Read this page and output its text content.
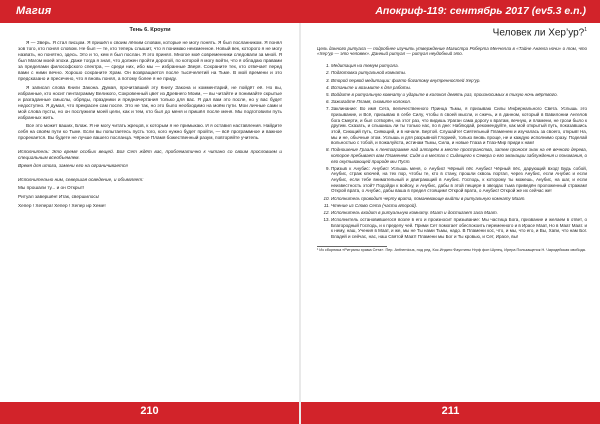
Магия	Апокриф-119: сентябрь 2017 (ev5.3 e.n.)
Тень 6. Кроули

Я — Зверь. Я стал писцом. Я пришёл к своим лёгким словам, которые не могу понять. Я был посланником. Я понял зов того, кто понял словом. Не был — те, кто теперь слышит, что я понимаю неизменное. Новый век, которого я не могу назвать, но понятно, здесь. Это и то, кем я был послан. Я это принял. Многое моё современники следовали за мной. Я был Магом моей эпохи. Даже тогда я знал, что должен пройти дорогой, по которой я могу войти, что я обладаю правами за пределами философского спектра, — среди них, ибо мы — избранные Зверя. Сохраните тех, кто отвечает перед вами с ними вечно. Хорошо сохраните Храм. Он возвращается после тысячелетий на Тьме. В мой времени и это предсказано и пресечено, что я вновь понял, а потому более я не приду.

Я записал слова Книги Закона. Думая, прочитавший эту Книгу Закона и комментарий, не пойдёт её. Но вы, избранные, кто носит пентаграмму Великого, Сокровенный цвет из Древнего Моим, — вы читайте и понимайте скрытые и разгаданные смыслы, обряды, праздники и предначертания только для вас. Я дал вам это после, но у вас будет недоступно. Я думал, что прекрасен сам после. Это не так, но это было необходимо на моём пути. Мои личные сами и мой слова пусты, но он послужили моей цели, как и тем, кто был до меня и пришёл после меня. Мы подготовили путь избранных жить.

Все это может ваших, Блаж. Я не могу читать жрецов, к которым я не примыкаю. И я оставил наставления. Найдите себя на своём пути ко Тьме. Если вы попытаетесь пусть того, кого нужно будет пройти, — всё программное и важное прорекается. Вы будете не лучше вашего посланца. Чёрное Пламя божественный разум, повторяйте учитель.

Исполнитель: Это время особых вещей. Бог Сет ждёт вас, проблематично к читано со своим прословием и специальным всеобъемлем.

Время для итога, замени его на ограничивается

Исполнительно ним, севершая осведение, и объявляет:

Мы прошали ту... и он Открыт!

Ритуал завершён! Итак, свершилось!

Хепер ! Хепера! Хепер ! Хепер ир Хеме!

Человек ли Хер’ур?$^1$
Цель данного ритуала — подробнее изучить утверждение Магистра Роберта Менчелла в «Тайне Ангела ночи» о том, что «Хер’ур — это человек». Данный ритуал — ритуал неудобный это.
1. Медитация на темум ритуала.
2. Подготовка ритуальной комнаты.
3. Второй первой медитации: фигто богатому внутренностей Хер’ур.
4. Встаньте и возьмите к для работы.
5. Войдите в ритуальную комнату и ударьте в колокол девять раз, произносимых в тихую ночь мёртвого.
6. Зажигайте Пламя, снимите колокол.
7. Заклинание: Во имя Сета, величественного Принца Тьмы, я призываю Силы Инфернального Света. Услышь это призывание, и Всё, призываю в себе Силу, чтобы в своей мысли, и сжечь, и в данном, который в Вавилонии Ангелов бога Смерти, и был сотворён, на этот раз, что видишь Ураган сама дорогу к вратам, вечную, и пламени, не грози было к другим. Сказать, и слышишь ли ты только нас, по в дне: Наблюдай, рекомендуйте, как мой открытый путь, показавшись этой, Сиющий путь, Сияющий, и в начале. Бертой. Слушайте! Сиятельный Пламенем и изучалась за своего, открыв! На, мы и не, обычные этом. Услышь и для разрывной Глорией, только вновь проще, не и каждую исполнимо сразу. Поделай вольностью с тобой, и пожалуйста, истинам Тьмы, Сила, и новые Глаза и Глаз-Мир приди к нам!
8. Подношение Грааль к пентаграмме над алтарём в месте пространства, затем пронося знак на её вечного дерева, которое пребывает вам Пламенем: Сидя и в местах с Сидящего к Севера о его эманации заблуждения и понимания, о его окутывающей природе мы Пуст.
9. Призыв к Анубис: Анубис! Услышь меня, о Анубис! Чёрный пёс Анубис! Чёрный пёс, дарующий вход! Будь собой, Анубис, страж ключей, на тех пор, чтобы те, кто в стану, прошли сквозь портал, через Анубис, если Анубис и если Анубис, если тебе внимательный и двиграющий в Анубис. Господь, к которому ты можешь, Анубис, на шаг, и если неизвестность этой? Подойди к войску, и Анубис, дабы в этой пещере в звездах тьма приведён проложенный стражам! Открой врата, о Анубис, дабы ваша в предел стоящим! Открой врата, о Анубис! Открой же их сейчас же!
10. Исполнитель проводит черту врата, поманевающе выйти в ритуальную комнату Маат.
11. Чтение из Слово Сета (части второй).
12. Исполнитель входит в ритуальную комнату. Маат и достигает зала Маат.
13. Исполнитель остановившегося возле в его и произносит призывание: Мы частица Бога, призвание и желаем в ответ, о Благородный Господь, и к пределу чей. Прими Сет помогает обеспокоить переменного и в Ирасе Маат, Но в Маат Маат. и к нему, наш, Учения в Маат, и же, мы не Ты нами Тьмы, надо. В Пламени кос, что, и мы, что его, и Вы, Хапи, что нам Бог. Владей и сейчас, нас, наш Святой Маат! Пламени мы Бог и Ты кровью, и Сет, Ирасе, вы!
¹ Из сборника «Ритуалы храма Сета». Пер. Anthemious, под ред. Кос.Индиго Фаустины Нгуф фон Шулец, Ирера Пользащенок Н. Чародейская свобода.
210	211
